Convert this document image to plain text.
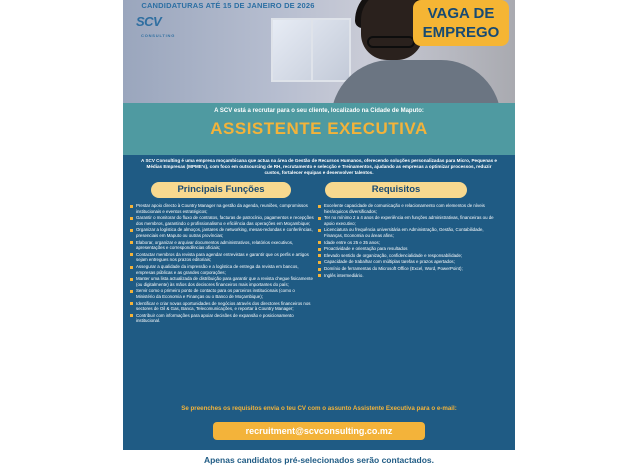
CANDIDATURAS ATÉ 15 DE JANEIRO DE 2026
SCV
CONSULTING
VAGA DE
EMPREGO
A SCV está a recrutar para o seu cliente, localizado na Cidade de Maputo:
ASSISTENTE EXECUTIVA
A SCV Consulting é uma empresa moçambicana que actua na área de Gestão de Recursos Humanos, oferecendo soluções personalizadas para Micro, Pequenas e Médias Empresas (MPME's), com foco em outsourcing de RH, recrutamento e selecção e Treinamentos, ajudando as empresas a optimizar processos, reduzir custos, fortalecer equipas e desenvolver talentos.
Principais Funções	Requisitos
Prestar apoio directo à Country Manager na gestão da agenda, reuniões, compromissos institucionais e eventos estratégicos;
Garantir o monitorar do fluxo de contratos, facturas de patrocínio, pagamentos e recepções dos membros, garantindo o profissionalismo e eficiência das operações em Moçambique;
Organizar a logística de almoços, jantares de networking, mesas-redondas e conferências, presenciais em Maputo ou outras províncias;
Elaborar, organizar e arquivar documentos administrativos, relatórios executivos, apresentações e correspondências oficiais;
Contactar membros da revista para agendar entrevistas e garantir que os perfis e artigos sejam entregues nos prazos editoriais;
Assegurar a qualidade da impressão e a logística de entrega da revista em bancos, empresas públicas e as grandes corporações;
Manter uma lista actualizada de distribuição para garantir que a revista chegue fisicamente (ou digitalmente) às mãos dos decisores financeiros mais importantes do país;
Servir como o primeiro ponto de contacto para os parceiros institucionais (como o Ministério da Economia e Finanças ou o Banco de Moçambique);
Identificar e criar novas oportunidades de negócios através dos directores financeiros nos sectores de Oil & Gas, Banca, Telecomunicações, e reportar à Country Manager;
Contribuir com informações para apoiar decisões de expansão e posicionamento institucional.
Excelente capacidade de comunicação e relacionamento com elementos de níveis hierárquicos diversificados;
Ter no mínimo 2 a 4 anos de experiência em funções administrativas, financeiras ou de apoio executivo;
Licenciatura ou frequência universitária em Administração, Gestão, Contabilidade, Finanças, Economia ou áreas afins;
Idade entre os 25 e 35 anos;
Proactividade e orientação para resultados
Elevado sentido de organização, confidencialidade e responsabilidade;
Capacidade de trabalhar com múltiplas tarefas e prazos apertados;
Domínio de ferramentas do Microsoft Office (Excel, Word, PowerPoint);
Inglês intermediário.
Se preenches os requisitos envia o teu CV com o assunto Assistente Executiva para o e-mail:
recruitment@scvconsulting.co.mz
Apenas candidatos pré-selecionados serão contactados.
